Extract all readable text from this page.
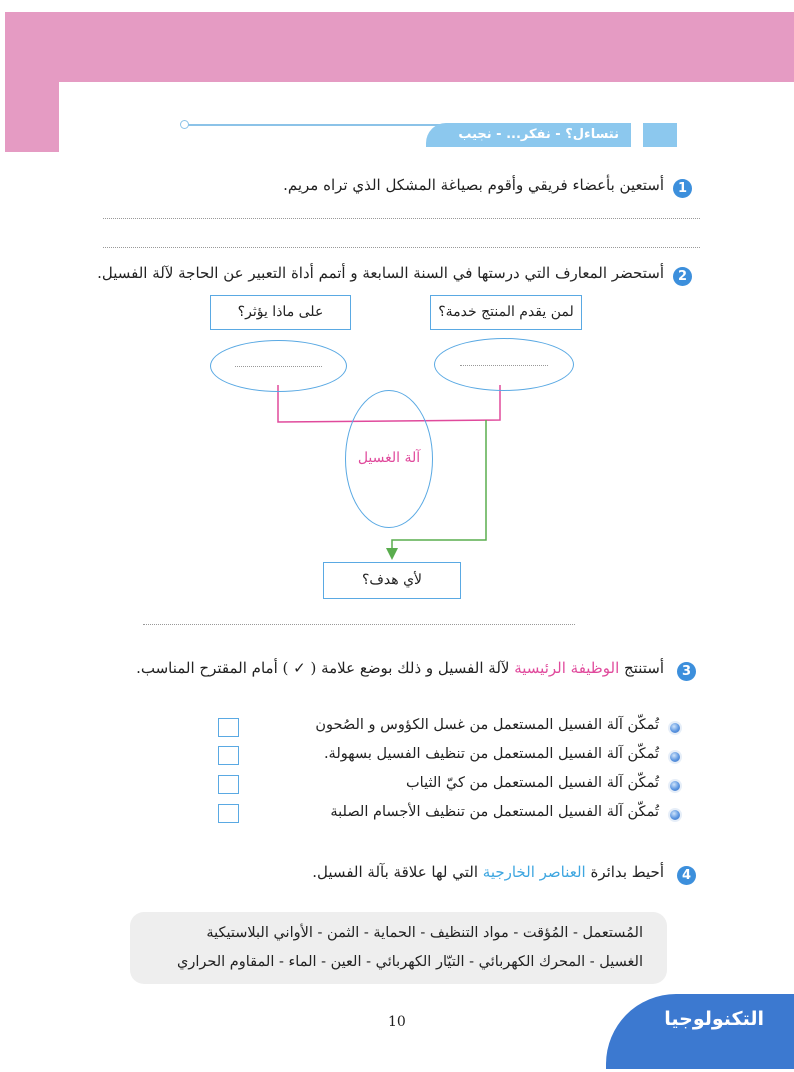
نتساءل؟ - نفكر... - نجيب
1
أستعين بأعضاء فريقي وأقوم بصياغة المشكل الذي تراه مريم.
2
أستحضر المعارف التي درستها في السنة السابعة و أتمم أداة التعبير عن الحاجة لآلة الفسيل.
على ماذا يؤثر؟	لمن يقدم المنتج خدمة؟
آلة الغسيل
لأي هدف؟
3
أستنتج الوظيفة الرئيسية لآلة الفسيل و ذلك بوضع علامة ( ✓ ) أمام المقترح المناسب.
تُمكّن آلة الفسيل المستعمل من غسل الكؤوس و الصُحون
تُمكّن آلة الفسيل المستعمل من تنظيف الفسيل بسهولة.
تُمكّن آلة الفسيل المستعمل من كيّ الثياب
تُمكّن آلة الفسيل المستعمل من تنظيف الأجسام الصلبة
4
أحيط بدائرة العناصر الخارجية التي لها علاقة بآلة الفسيل.
المُستعمل - المُؤقت - مواد التنظيف - الحماية - الثمن - الأواني البلاستيكية
الغسيل - المحرك الكهربائي - التيّار الكهربائي - العين - الماء - المقاوم الحراري
10	التكنولوجيا
